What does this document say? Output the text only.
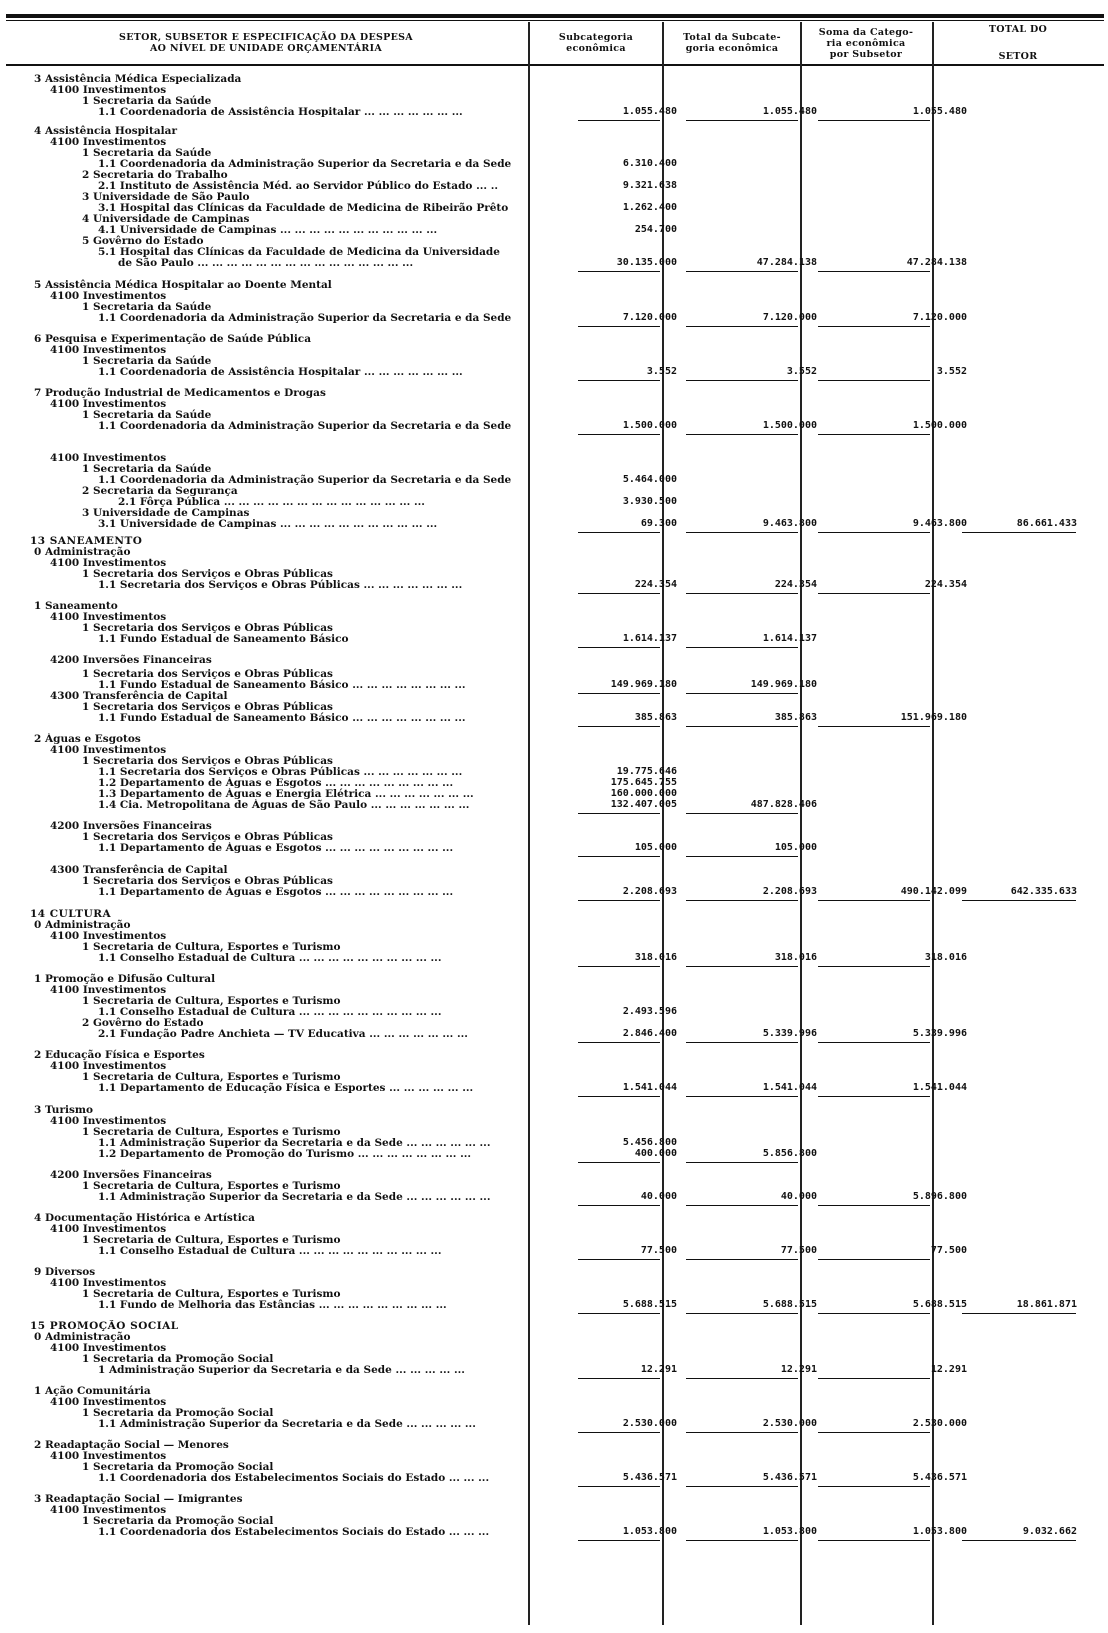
SETOR, SUBSETOR E ESPECIFICAÇÃO DA DESPESA
AO NÍVEL DE UNIDADE ORÇAMENTÁRIA
Subcategoria
econômica
Total da Subcate-
goria econômica
Soma da Catego-
ria econômica
por Subsetor
TOTAL DO
SETOR
3 Assistência Médica Especializada
4100 Investimentos
1 Secretaria da Saúde
1.1 Coordenadoria de Assistência Hospitalar ... ... ... ... ... ... ...	1.055.480	1.055.480	1.055.480
4 Assistência Hospitalar
4100 Investimentos
1 Secretaria da Saúde
1.1 Coordenadoria da Administração Superior da Secretaria e da Sede	6.310.400
2 Secretaria do Trabalho
2.1 Instituto de Assistência Méd. ao Servidor Público do Estado ... ..	9.321.638
3 Universidade de São Paulo
3.1 Hospital das Clínicas da Faculdade de Medicina de Ribeirão Prêto	1.262.400
4 Universidade de Campinas
4.1 Universidade de Campinas ... ... ... ... ... ... ... ... ... ... ...	254.700
5 Govêrno do Estado
5.1 Hospital das Clínicas da Faculdade de Medicina da Universidade
de São Paulo ... ... ... ... ... ... ... ... ... ... ... ... ... ... ...	30.135.000	47.284.138	47.284.138
5 Assistência Médica Hospitalar ao Doente Mental
4100 Investimentos
1 Secretaria da Saúde
1.1 Coordenadoria da Administração Superior da Secretaria e da Sede	7.120.000	7.120.000	7.120.000
6 Pesquisa e Experimentação de Saúde Pública
4100 Investimentos
1 Secretaria da Saúde
1.1 Coordenadoria de Assistência Hospitalar ... ... ... ... ... ... ...	3.552	3.552	3.552
7 Produção Industrial de Medicamentos e Drogas
4100 Investimentos
1 Secretaria da Saúde
1.1 Coordenadoria da Administração Superior da Secretaria e da Sede	1.500.000	1.500.000	1.500.000
4100 Investimentos
1 Secretaria da Saúde
1.1 Coordenadoria da Administração Superior da Secretaria e da Sede	5.464.000
2 Secretaria da Segurança
2.1 Fôrça Pública ... ... ... ... ... ... ... ... ... ... ... ... ... ...	3.930.500
3 Universidade de Campinas
3.1 Universidade de Campinas ... ... ... ... ... ... ... ... ... ... ...	69.300	9.463.800	9.463.800	86.661.433
13 SANEAMENTO
0 Administração
4100 Investimentos
1 Secretaria dos Serviços e Obras Públicas
1.1 Secretaria dos Serviços e Obras Públicas ... ... ... ... ... ... ...	224.354	224.354	224.354
1 Saneamento
4100 Investimentos
1 Secretaria dos Serviços e Obras Públicas
1.1 Fundo Estadual de Saneamento Básico	1.614.137	1.614.137
4200 Inversões Financeiras
1 Secretaria dos Serviços e Obras Públicas
1.1 Fundo Estadual de Saneamento Básico ... ... ... ... ... ... ... ...	149.969.180	149.969.180
4300 Transferência de Capital
1 Secretaria dos Serviços e Obras Públicas
1.1 Fundo Estadual de Saneamento Básico ... ... ... ... ... ... ... ...	385.863	385.863	151.969.180
2 Águas e Esgotos
4100 Investimentos
1 Secretaria dos Serviços e Obras Públicas
1.1 Secretaria dos Serviços e Obras Públicas ... ... ... ... ... ... ...	19.775.646
1.2 Departamento de Águas e Esgotos ... ... ... ... ... ... ... ... ...	175.645.755
1.3 Departamento de Águas e Energia Elétrica ... ... ... ... ... ... ...	160.000.000
1.4 Cia. Metropolitana de Águas de São Paulo ... ... ... ... ... ... ...	132.407.005	487.828.406
4200 Inversões Financeiras
1 Secretaria dos Serviços e Obras Públicas
1.1 Departamento de Águas e Esgotos ... ... ... ... ... ... ... ... ...	105.000	105.000
4300 Transferência de Capital
1 Secretaria dos Serviços e Obras Públicas
1.1 Departamento de Águas e Esgotos ... ... ... ... ... ... ... ... ...	2.208.693	2.208.693	490.142.099	642.335.633
14 CULTURA
0 Administração
4100 Investimentos
1 Secretaria de Cultura, Esportes e Turismo
1.1 Conselho Estadual de Cultura ... ... ... ... ... ... ... ... ... ...	318.016	318.016	318.016
1 Promoção e Difusão Cultural
4100 Investimentos
1 Secretaria de Cultura, Esportes e Turismo
1.1 Conselho Estadual de Cultura ... ... ... ... ... ... ... ... ... ...	2.493.596
2 Govêrno do Estado
2.1 Fundação Padre Anchieta — TV Educativa ... ... ... ... ... ... ...	2.846.400	5.339.996	5.339.996
2 Educação Física e Esportes
4100 Investimentos
1 Secretaria de Cultura, Esportes e Turismo
1.1 Departamento de Educação Física e Esportes ... ... ... ... ... ...	1.541.044	1.541.044	1.541.044
3 Turismo
4100 Investimentos
1 Secretaria de Cultura, Esportes e Turismo
1.1 Administração Superior da Secretaria e da Sede ... ... ... ... ... ...	5.456.800
1.2 Departamento de Promoção do Turismo ... ... ... ... ... ... ... ...	400.000	5.856.800
4200 Inversões Financeiras
1 Secretaria de Cultura, Esportes e Turismo
1.1 Administração Superior da Secretaria e da Sede ... ... ... ... ... ...	40.000	40.000	5.896.800
4 Documentação Histórica e Artística
4100 Investimentos
1 Secretaria de Cultura, Esportes e Turismo
1.1 Conselho Estadual de Cultura ... ... ... ... ... ... ... ... ... ...	77.500	77.500	77.500
9 Diversos
4100 Investimentos
1 Secretaria de Cultura, Esportes e Turismo
1.1 Fundo de Melhoria das Estâncias ... ... ... ... ... ... ... ... ...	5.688.515	5.688.515	5.688.515	18.861.871
15 PROMOÇÃO SOCIAL
0 Administração
4100 Investimentos
1 Secretaria da Promoção Social
1 Administração Superior da Secretaria e da Sede ... ... ... ... ...	12.291	12.291	12.291
1 Ação Comunitária
4100 Investimentos
1 Secretaria da Promoção Social
1.1 Administração Superior da Secretaria e da Sede ... ... ... ... ...	2.530.000	2.530.000	2.530.000
2 Readaptação Social — Menores
4100 Investimentos
1 Secretaria da Promoção Social
1.1 Coordenadoria dos Estabelecimentos Sociais do Estado ... ... ...	5.436.571	5.436.571	5.436.571
3 Readaptação Social — Imigrantes
4100 Investimentos
1 Secretaria da Promoção Social
1.1 Coordenadoria dos Estabelecimentos Sociais do Estado ... ... ...	1.053.800	1.053.800	1.053.800	9.032.662
